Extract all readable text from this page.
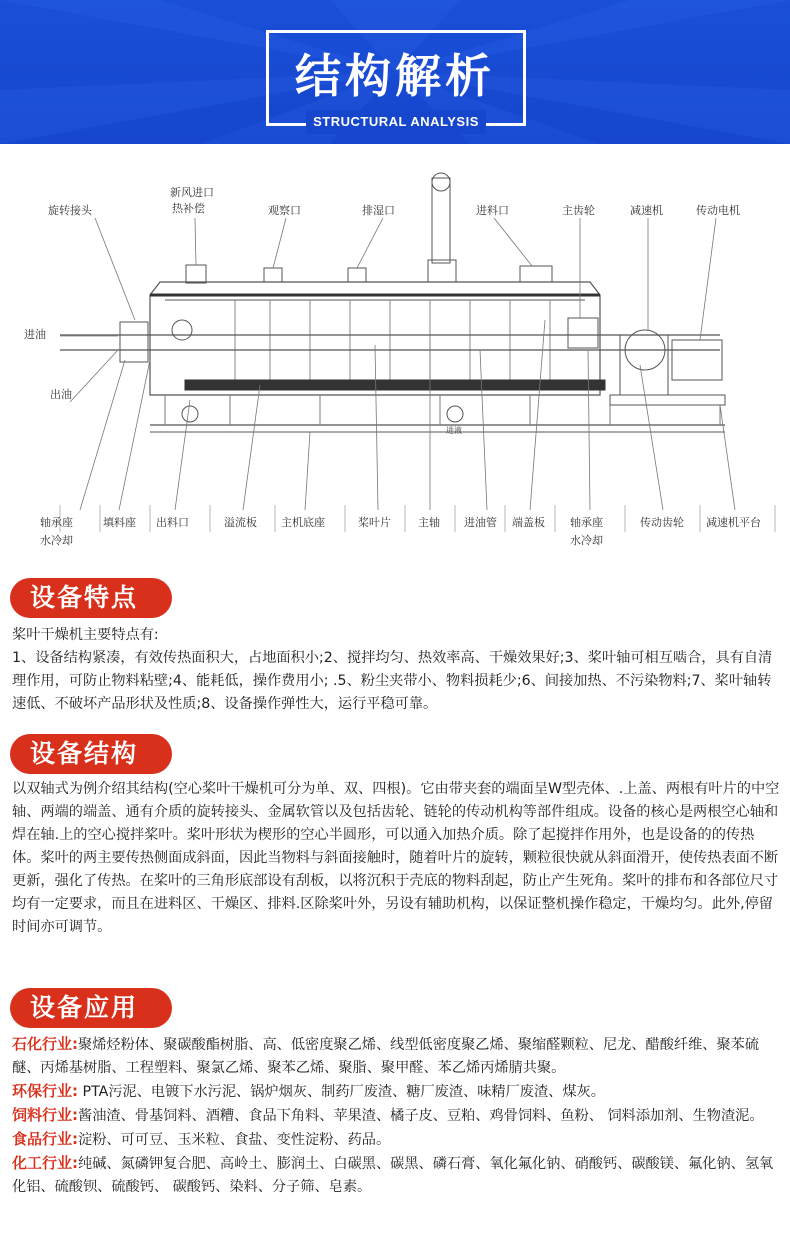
结构解析
STRUCTURAL ANALYSIS
旋转接头
新风进口
热补偿	观察口	排湿口	进料口	主齿轮	减速机	传动电机
进油
出油
进液
轴承座
水冷却
填料座 出料口	溢流板 主机底座	桨叶片 主轴 进油管 端盖板 轴承座
水冷却
传动齿轮 减速机平台
设备特点

桨叶干燥机主要特点有:

1、设备结构紧凑，有效传热面积大，占地面积小;2、搅拌均匀、热效率高、干燥效果好;3、桨叶轴可相互啮合，具有自清理作用，可防止物料粘壁;4、能耗低，操作费用小; .5、粉尘夹带小、物料损耗少;6、间接加热、不污染物料;7、桨叶轴转速低、不破坏产品形状及性质;8、设备操作弹性大，运行平稳可靠。

设备结构

以双轴式为例介绍其结构(空心桨叶干燥机可分为单、双、四根)。它由带夹套的端面呈W型壳体、.上盖、两根有叶片的中空轴、两端的端盖、通有介质的旋转接头、金属软管以及包括齿轮、链轮的传动机构等部件组成。设备的核心是两根空心轴和焊在轴.上的空心搅拌桨叶。桨叶形状为楔形的空心半圆形，可以通入加热介质。除了起搅拌作用外，也是设备的的传热体。桨叶的两主要传热侧面成斜面，因此当物料与斜面接触时，随着叶片的旋转，颗粒很快就从斜面滑开，使传热表面不断更新，强化了传热。在桨叶的三角形底部设有刮板，以将沉积于壳底的物料刮起，防止产生死角。桨叶的排布和各部位尺寸均有一定要求，而且在进料区、干燥区、排料.区除桨叶外，另设有辅助机构，以保证整机操作稳定，干燥均匀。此外,停留时间亦可调节。

设备应用

石化行业:聚烯烃粉体、聚碳酸酯树脂、高、低密度聚乙烯、线型低密度聚乙烯、聚缩醛颗粒、尼龙、醋酸纤维、聚苯硫醚、丙烯基树脂、工程塑料、聚氯乙烯、聚苯乙烯、聚脂、聚甲醛、苯乙烯丙烯腈共聚。

环保行业: PTA污泥、电镀下水污泥、锅炉烟灰、制药厂废渣、糖厂废渣、味精厂废渣、煤灰。

饲料行业:酱油渣、骨基饲料、酒糟、食品下角料、苹果渣、橘子皮、豆粕、鸡骨饲料、鱼粉、 饲料添加剂、生物渣泥。

食品行业:淀粉、可可豆、玉米粒、食盐、变性淀粉、药品。

化工行业:纯碱、氮磷钾复合肥、高岭土、膨润土、白碳黑、碳黑、磷石膏、氧化氟化钠、硝酸钙、碳酸镁、氟化钠、氢氧化铝、硫酸钡、硫酸钙、 碳酸钙、染料、分子筛、皂素。
